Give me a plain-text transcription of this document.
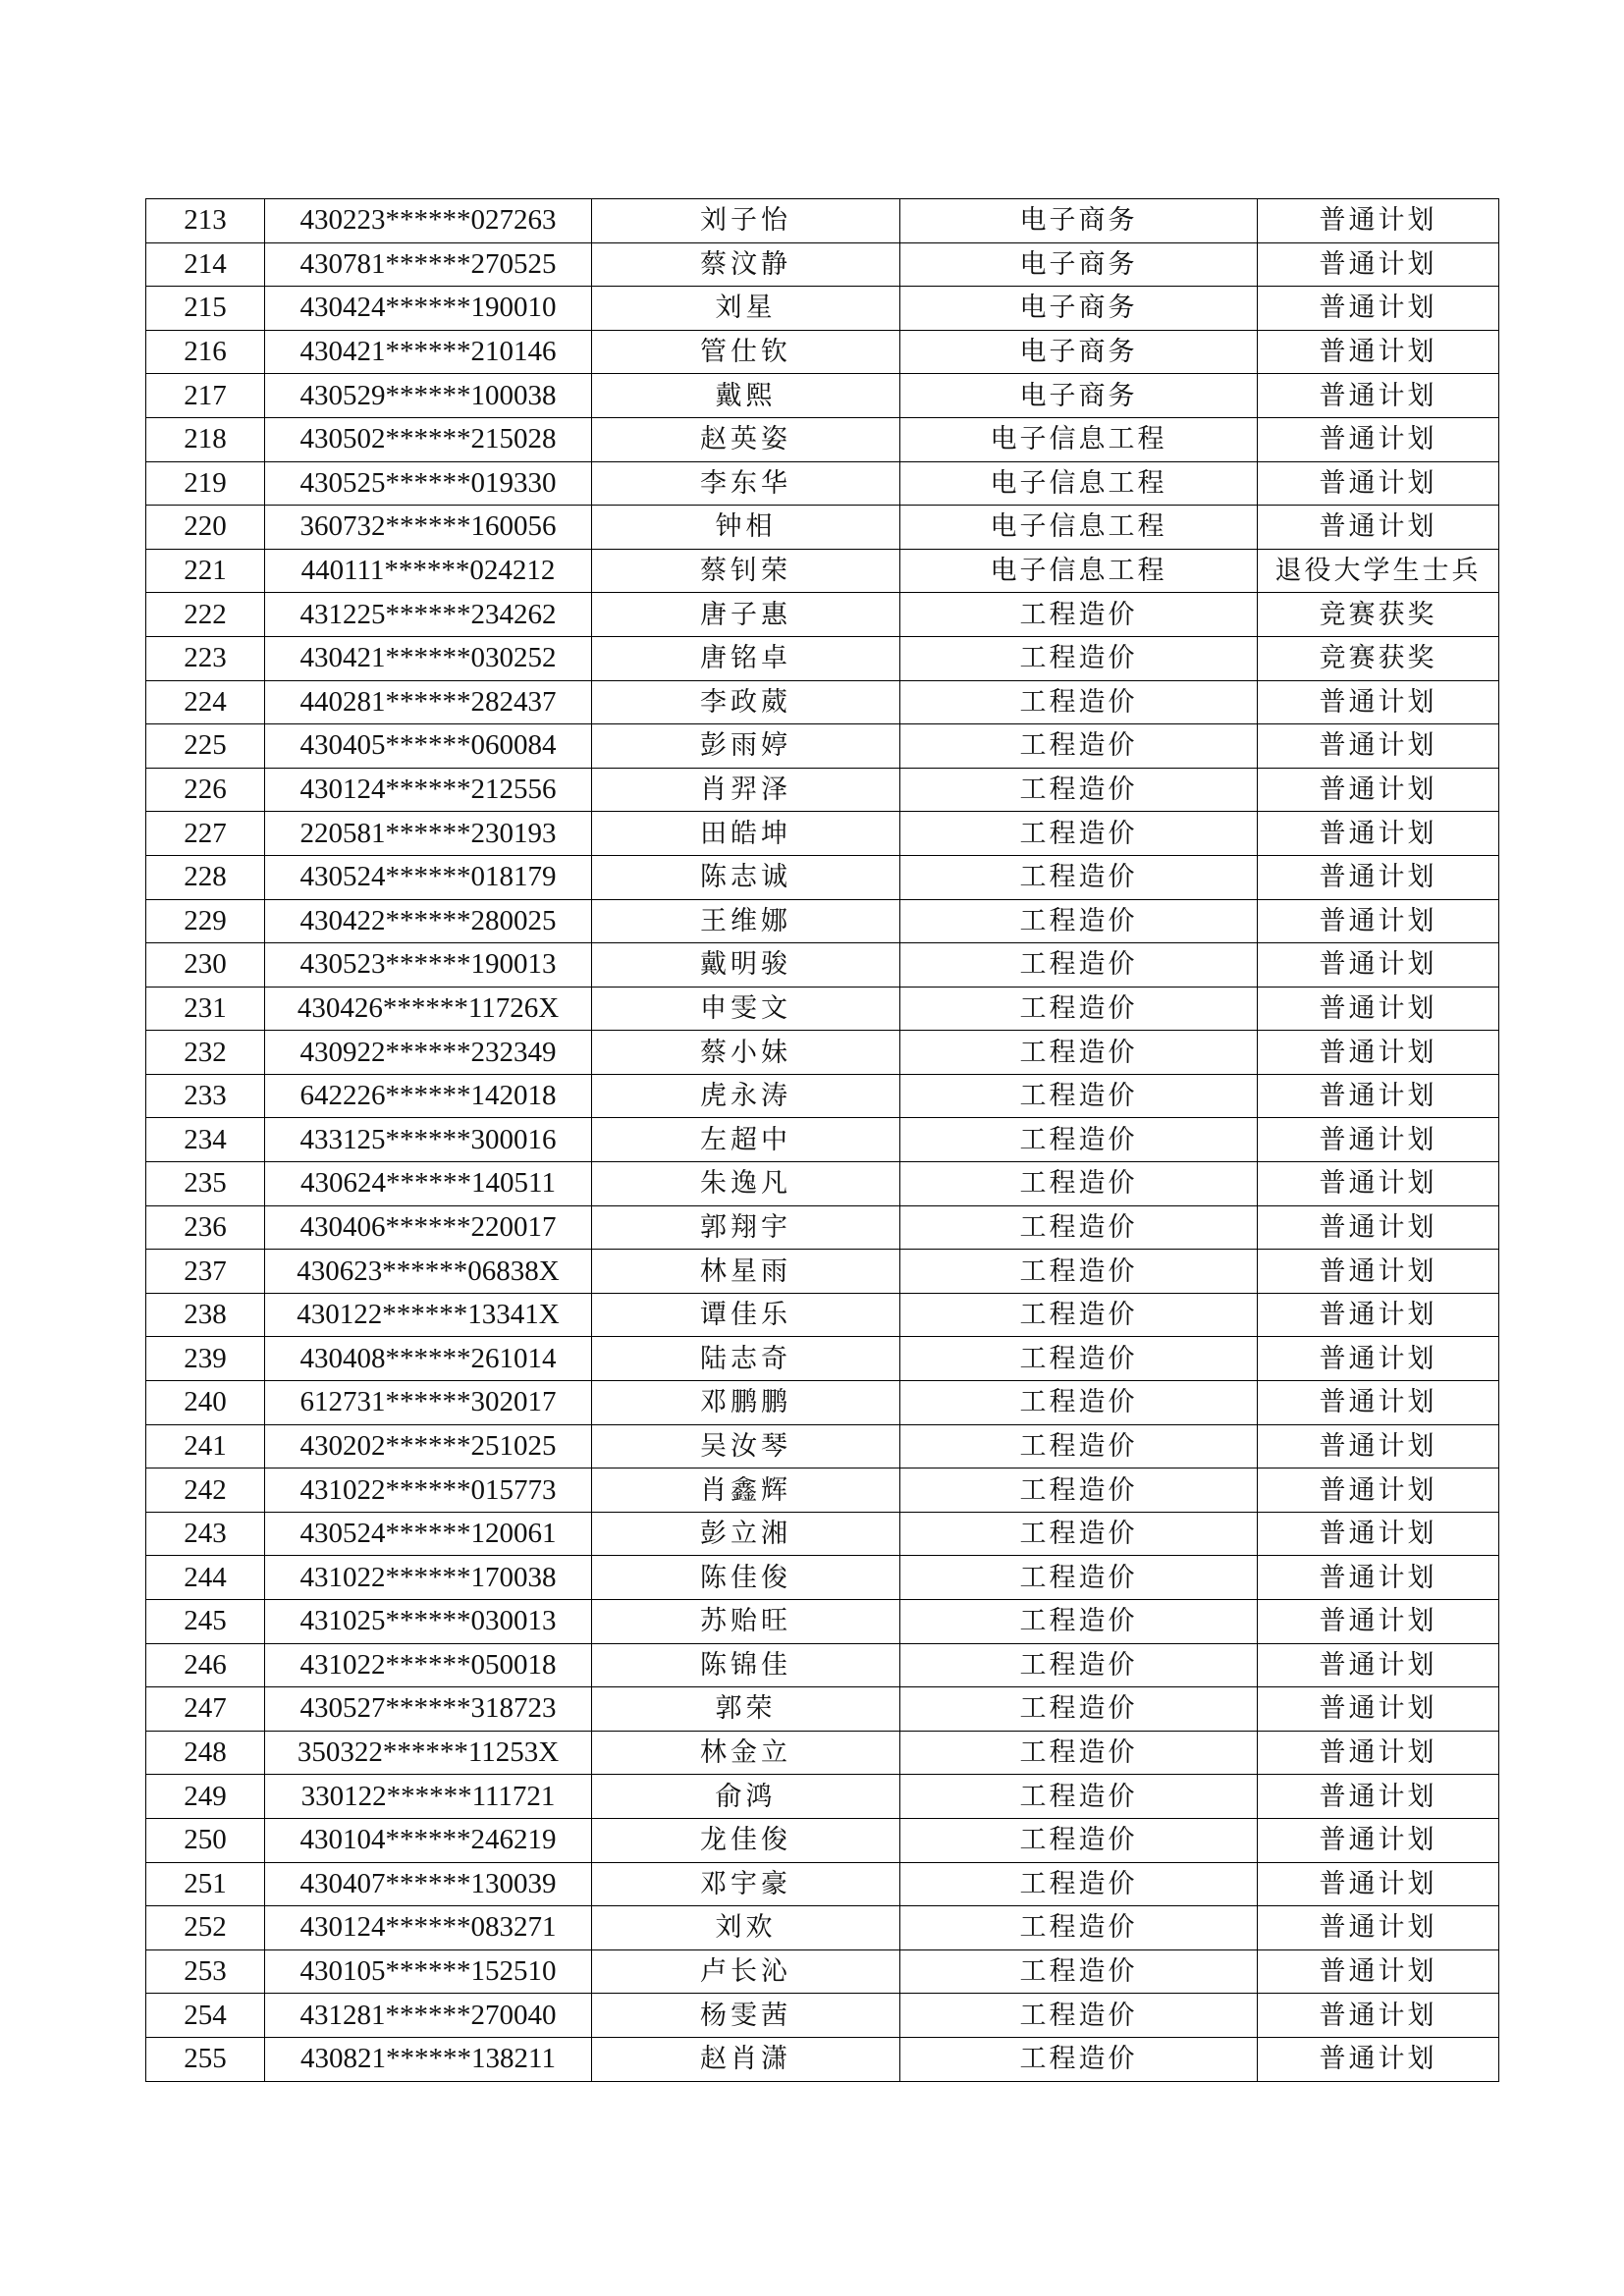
213	430223******027263	刘子怡	电子商务	普通计划
214	430781******270525	蔡汶静	电子商务	普通计划
215	430424******190010	刘星	电子商务	普通计划
216	430421******210146	管仕钦	电子商务	普通计划
217	430529******100038	戴熙	电子商务	普通计划
218	430502******215028	赵英姿	电子信息工程	普通计划
219	430525******019330	李东华	电子信息工程	普通计划
220	360732******160056	钟相	电子信息工程	普通计划
221	440111******024212	蔡钊荣	电子信息工程	退役大学生士兵
222	431225******234262	唐子惠	工程造价	竞赛获奖
223	430421******030252	唐铭卓	工程造价	竞赛获奖
224	440281******282437	李政葳	工程造价	普通计划
225	430405******060084	彭雨婷	工程造价	普通计划
226	430124******212556	肖羿泽	工程造价	普通计划
227	220581******230193	田皓坤	工程造价	普通计划
228	430524******018179	陈志诚	工程造价	普通计划
229	430422******280025	王维娜	工程造价	普通计划
230	430523******190013	戴明骏	工程造价	普通计划
231	430426******11726X	申雯文	工程造价	普通计划
232	430922******232349	蔡小妹	工程造价	普通计划
233	642226******142018	虎永涛	工程造价	普通计划
234	433125******300016	左超中	工程造价	普通计划
235	430624******140511	朱逸凡	工程造价	普通计划
236	430406******220017	郭翔宇	工程造价	普通计划
237	430623******06838X	林星雨	工程造价	普通计划
238	430122******13341X	谭佳乐	工程造价	普通计划
239	430408******261014	陆志奇	工程造价	普通计划
240	612731******302017	邓鹏鹏	工程造价	普通计划
241	430202******251025	吴汝琴	工程造价	普通计划
242	431022******015773	肖鑫辉	工程造价	普通计划
243	430524******120061	彭立湘	工程造价	普通计划
244	431022******170038	陈佳俊	工程造价	普通计划
245	431025******030013	苏贻旺	工程造价	普通计划
246	431022******050018	陈锦佳	工程造价	普通计划
247	430527******318723	郭荣	工程造价	普通计划
248	350322******11253X	林金立	工程造价	普通计划
249	330122******111721	俞鸿	工程造价	普通计划
250	430104******246219	龙佳俊	工程造价	普通计划
251	430407******130039	邓宇豪	工程造价	普通计划
252	430124******083271	刘欢	工程造价	普通计划
253	430105******152510	卢长沁	工程造价	普通计划
254	431281******270040	杨雯茜	工程造价	普通计划
255	430821******138211	赵肖潇	工程造价	普通计划
